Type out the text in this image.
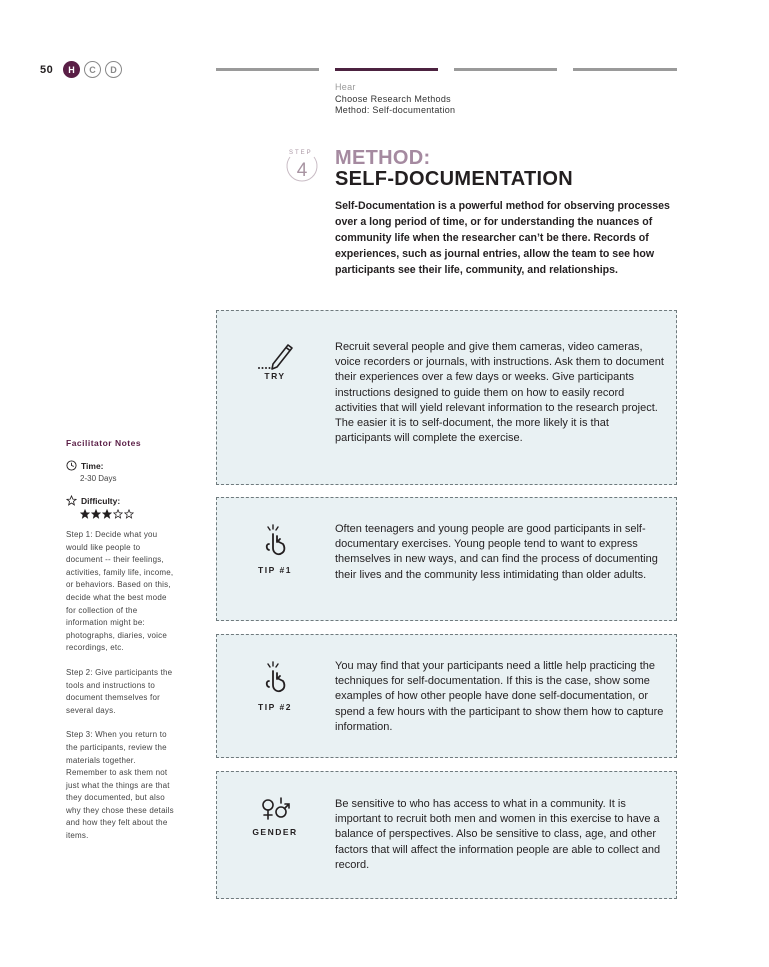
50	H	C	D
Hear
Choose Research Methods
Method: Self-documentation
STEP
4
METHOD:
SELF-DOCUMENTATION
Self-Documentation is a powerful method for observing processes over a long period of time, or for understanding the nuances of community life when the researcher can’t be there. Records of experiences, such as journal entries, allow the team to see how participants see their life, community, and relationships.
TRY
Recruit several people and give them cameras, video cameras, voice recorders or journals, with instructions. Ask them to document their experiences over a few days or weeks. Give participants instructions designed to guide them on how to easily record activities that will yield relevant information to the research project. The easier it is to self-document, the more likely it is that participants will complete the exercise.
TIP #1
Often teenagers and young people are good participants in self-documentary exercises. Young people tend to want to express themselves in new ways, and can find the process of documenting their lives and the community less intimidating than older adults.
TIP #2
You may find that your participants need a little help practicing the techniques for self-documentation. If this is the case, show some examples of how other people have done self-documentation, or spend a few hours with the participant to show them how to capture information.
GENDER
Be sensitive to who has access to what in a community. It is important to recruit both men and women in this exercise to have a balance of perspectives. Also be sensitive to class, age, and other factors that will affect the information people are able to collect and record.
Facilitator Notes
Time:
2-30 Days
Difficulty:

Step 1: Decide what you would like people to document -- their feelings, activities, family life, income, or behaviors. Based on this, decide what the best mode for collection of the information might be: photographs, diaries, voice recordings, etc.

Step 2: Give participants the tools and instructions to document themselves for several days.

Step 3: When you return to the participants, review the materials together. Remember to ask them not just what the things are that they documented, but also why they chose these details and how they felt about the items.
